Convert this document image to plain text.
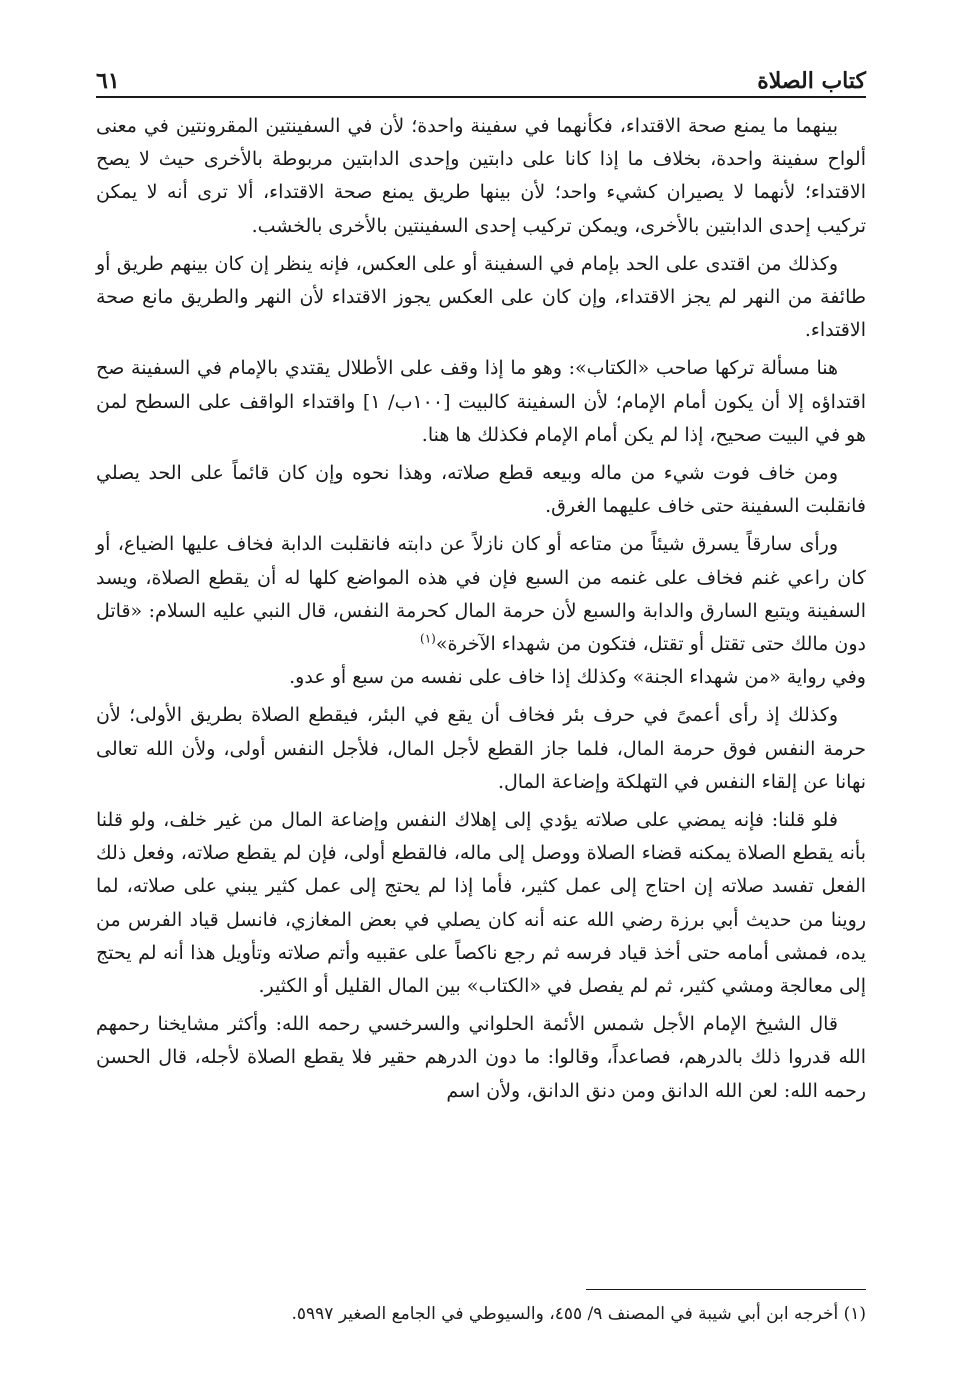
كتاب الصلاة
٦١

بينهما ما يمنع صحة الاقتداء، فكأنهما في سفينة واحدة؛ لأن في السفينتين المقرونتين في معنى ألواح سفينة واحدة، بخلاف ما إذا كانا على دابتين وإحدى الدابتين مربوطة بالأخرى حيث لا يصح الاقتداء؛ لأنهما لا يصيران كشيء واحد؛ لأن بينها طريق يمنع صحة الاقتداء، ألا ترى أنه لا يمكن تركيب إحدى الدابتين بالأخرى، ويمكن تركيب إحدى السفينتين بالأخرى بالخشب.

وكذلك من اقتدى على الحد بإمام في السفينة أو على العكس، فإنه ينظر إن كان بينهم طريق أو طائفة من النهر لم يجز الاقتداء، وإن كان على العكس يجوز الاقتداء لأن النهر والطريق مانع صحة الاقتداء.

هنا مسألة تركها صاحب «الكتاب»: وهو ما إذا وقف على الأطلال يقتدي بالإمام في السفينة صح اقتداؤه إلا أن يكون أمام الإمام؛ لأن السفينة كالبيت [١٠٠ب/ ١] واقتداء الواقف على السطح لمن هو في البيت صحيح، إذا لم يكن أمام الإمام فكذلك ها هنا.

ومن خاف فوت شيء من ماله وبيعه قطع صلاته، وهذا نحوه وإن كان قائماً على الحد يصلي فانقلبت السفينة حتى خاف عليهما الغرق.

ورأى سارقاً يسرق شيئاً من متاعه أو كان نازلاً عن دابته فانقلبت الدابة فخاف عليها الضياع، أو كان راعي غنم فخاف على غنمه من السبع فإن في هذه المواضع كلها له أن يقطع الصلاة، ويسد السفينة ويتبع السارق والدابة والسبع لأن حرمة المال كحرمة النفس، قال النبي عليه السلام: «قاتل دون مالك حتى تقتل أو تقتل، فتكون من شهداء الآخرة»$^{(١)}$

وفي رواية «من شهداء الجنة» وكذلك إذا خاف على نفسه من سبع أو عدو.

وكذلك إذ رأى أعمىً في حرف بئر فخاف أن يقع في البئر، فيقطع الصلاة بطريق الأولى؛ لأن حرمة النفس فوق حرمة المال، فلما جاز القطع لأجل المال، فلأجل النفس أولى، ولأن الله تعالى نهانا عن إلقاء النفس في التهلكة وإضاعة المال.

فلو قلنا: فإنه يمضي على صلاته يؤدي إلى إهلاك النفس وإضاعة المال من غير خلف، ولو قلنا بأنه يقطع الصلاة يمكنه قضاء الصلاة ووصل إلى ماله، فالقطع أولى، فإن لم يقطع صلاته، وفعل ذلك الفعل تفسد صلاته إن احتاج إلى عمل كثير، فأما إذا لم يحتج إلى عمل كثير يبني على صلاته، لما روينا من حديث أبي برزة رضي الله عنه أنه كان يصلي في بعض المغازي، فانسل قياد الفرس من يده، فمشى أمامه حتى أخذ قياد فرسه ثم رجع ناكصاً على عقبيه وأتم صلاته وتأويل هذا أنه لم يحتج إلى معالجة ومشي كثير، ثم لم يفصل في «الكتاب» بين المال القليل أو الكثير.

قال الشيخ الإمام الأجل شمس الأئمة الحلواني والسرخسي رحمه الله: وأكثر مشايخنا رحمهم الله قدروا ذلك بالدرهم، فصاعداً، وقالوا: ما دون الدرهم حقير فلا يقطع الصلاة لأجله، قال الحسن رحمه الله: لعن الله الدانق ومن دنق الدانق، ولأن اسم

(١) أخرجه ابن أبي شيبة في المصنف ٩/ ٤٥٥، والسيوطي في الجامع الصغير ٥٩٩٧.
